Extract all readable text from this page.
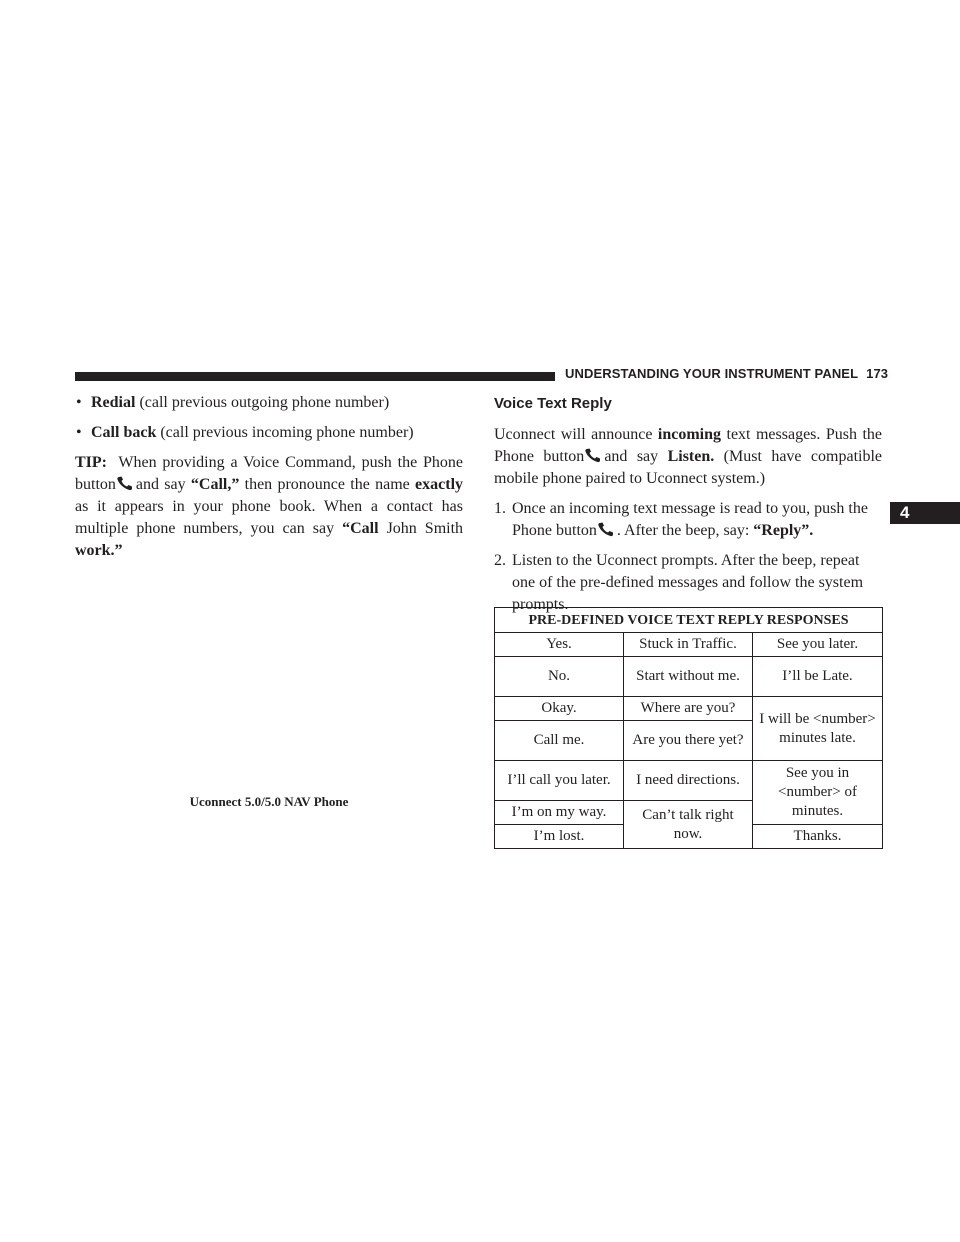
UNDERSTANDING YOUR INSTRUMENT PANEL 173
4
• Redial (call previous outgoing phone number)
• Call back (call previous incoming phone number)

TIP: When providing a Voice Command, push the Phone button and say “Call,” then pronounce the name exactly as it appears in your phone book. When a contact has multiple phone numbers, you can say “Call John Smith work.”

Uconnect 5.0/5.0 NAV Phone
Voice Text Reply

Uconnect will announce incoming text messages. Push the Phone button and say Listen. (Must have compatible mobile phone paired to Uconnect system.)

1. Once an incoming text message is read to you, push the Phone button . After the beep, say: “Reply”.
2. Listen to the Uconnect prompts. After the beep, repeat one of the pre-defined messages and follow the system prompts.
PRE-DEFINED VOICE TEXT REPLY RESPONSES		
Yes.	Stuck in Traffic.	See you later.
No.	Start without me.	I’ll be Late.
Okay.	Where are you?	I will be <number> minutes late.
Call me.	Are you there yet?	
I’ll call you later.	I need directions.	See you in <number> of minutes.
I’m on my way.	Can’t talk right now.	
I’m lost.		Thanks.
